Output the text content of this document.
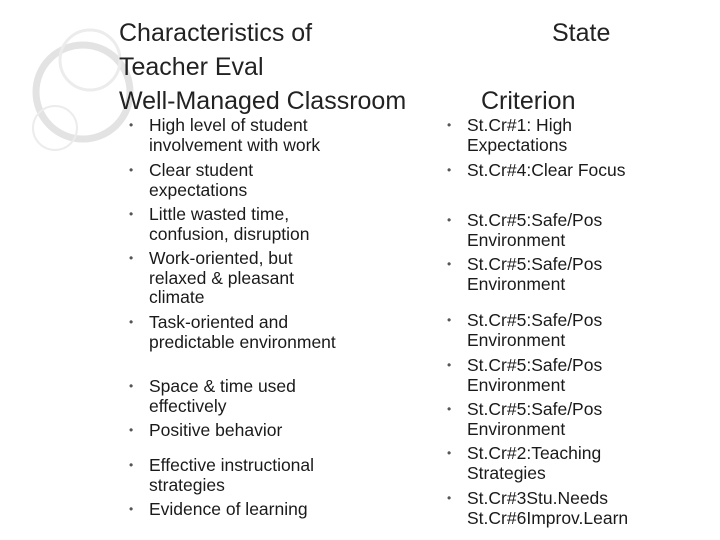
Characteristics of
Teacher Eval
Well-Managed Classroom
State
Criterion
• High level of student involvement with work
• Clear student expectations
• Little wasted time, confusion, disruption
• Work-oriented, but relaxed & pleasant climate
• Task-oriented and predictable environment
• Space & time used effectively
• Positive behavior
• Effective instructional strategies
• Evidence of learning
• St.Cr#1: High Expectations
• St.Cr#4:Clear Focus
• St.Cr#5:Safe/Pos Environment
• St.Cr#5:Safe/Pos Environment
• St.Cr#5:Safe/Pos Environment
• St.Cr#5:Safe/Pos Environment
• St.Cr#5:Safe/Pos Environment
• St.Cr#2:Teaching Strategies
• St.Cr#3Stu.Needs St.Cr#6Improv.Learn
